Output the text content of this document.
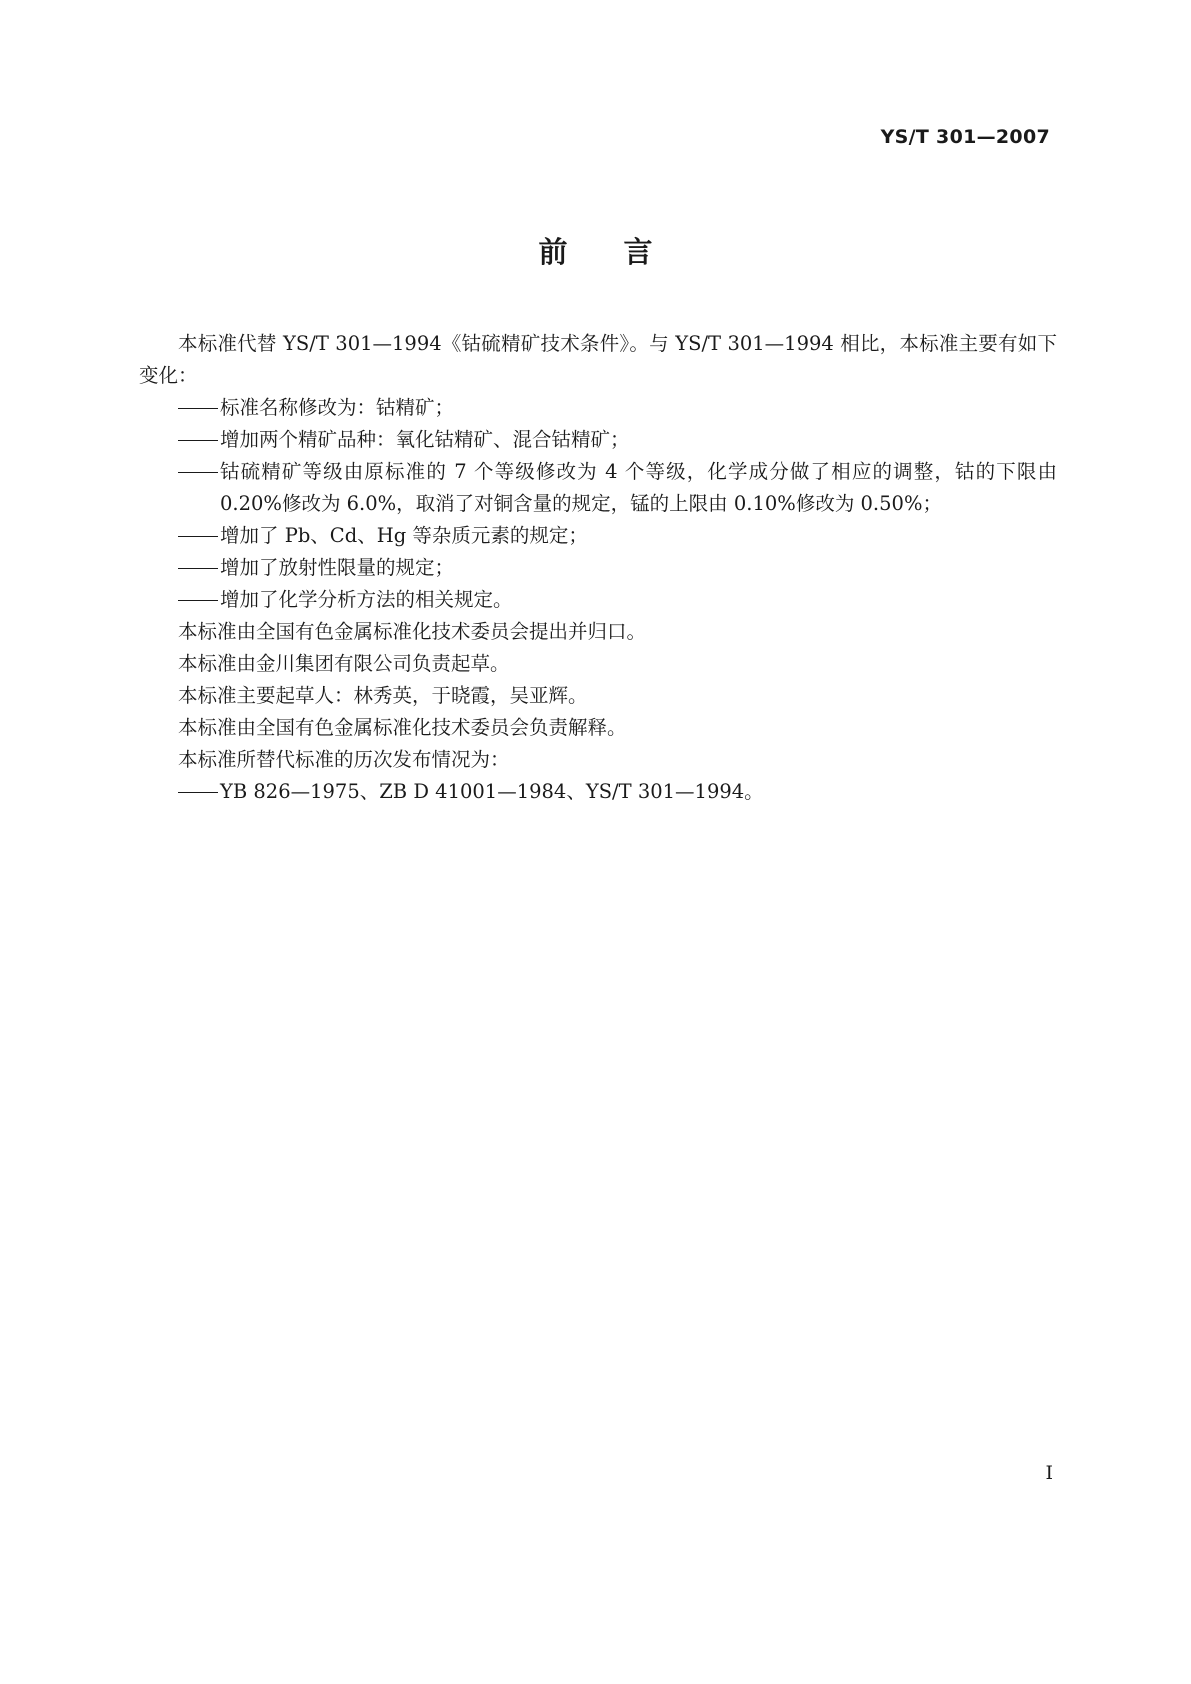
YS/T 301—2007
前言

本标准代替 YS/T 301—1994《钴硫精矿技术条件》。与 YS/T 301—1994 相比，本标准主要有如下变化：

标准名称修改为：钴精矿；
增加两个精矿品种：氧化钴精矿、混合钴精矿；
钴硫精矿等级由原标准的 7 个等级修改为 4 个等级，化学成分做了相应的调整，钴的下限由 0.20%修改为 6.0%，取消了对铜含量的规定，锰的上限由 0.10%修改为 0.50%；
增加了 Pb、Cd、Hg 等杂质元素的规定；
增加了放射性限量的规定；
增加了化学分析方法的相关规定。

本标准由全国有色金属标准化技术委员会提出并归口。

本标准由金川集团有限公司负责起草。

本标准主要起草人：林秀英，于晓霞，吴亚辉。

本标准由全国有色金属标准化技术委员会负责解释。

本标准所替代标准的历次发布情况为：

YB 826—1975、ZB D 41001—1984、YS/T 301—1994。
I
